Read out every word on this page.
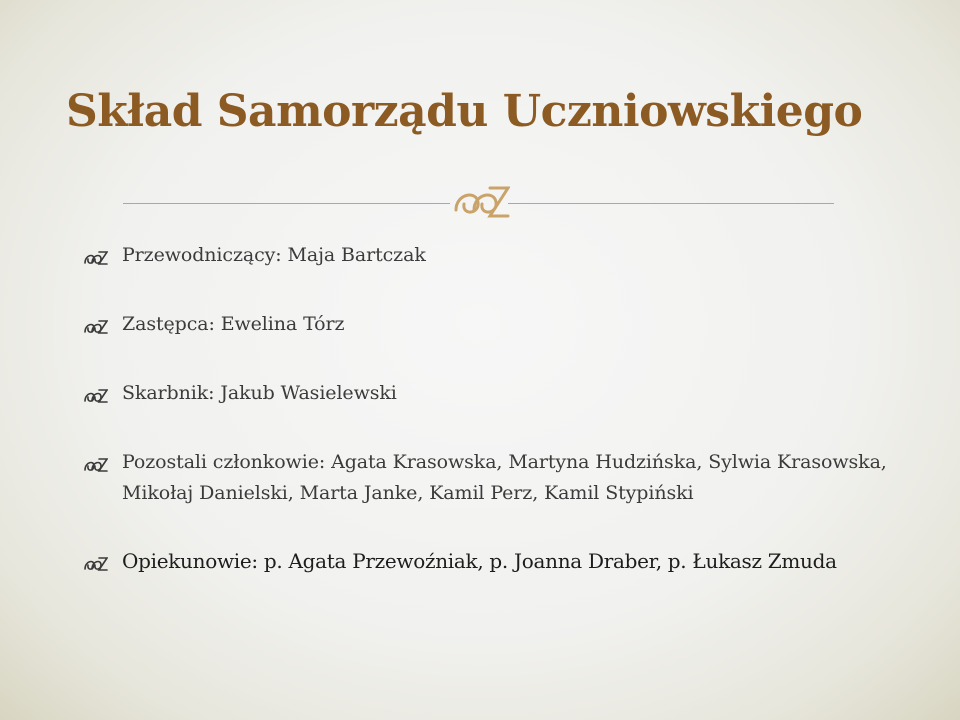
Skład Samorządu Uczniowskiego
Przewodniczący: Maja Bartczak
Zastępca: Ewelina Tórz
Skarbnik: Jakub Wasielewski
Pozostali członkowie: Agata Krasowska, Martyna Hudzińska, Sylwia Krasowska, Mikołaj Danielski, Marta Janke, Kamil Perz, Kamil Stypiński
Opiekunowie: p. Agata Przewoźniak, p. Joanna Draber, p. Łukasz Zmuda
